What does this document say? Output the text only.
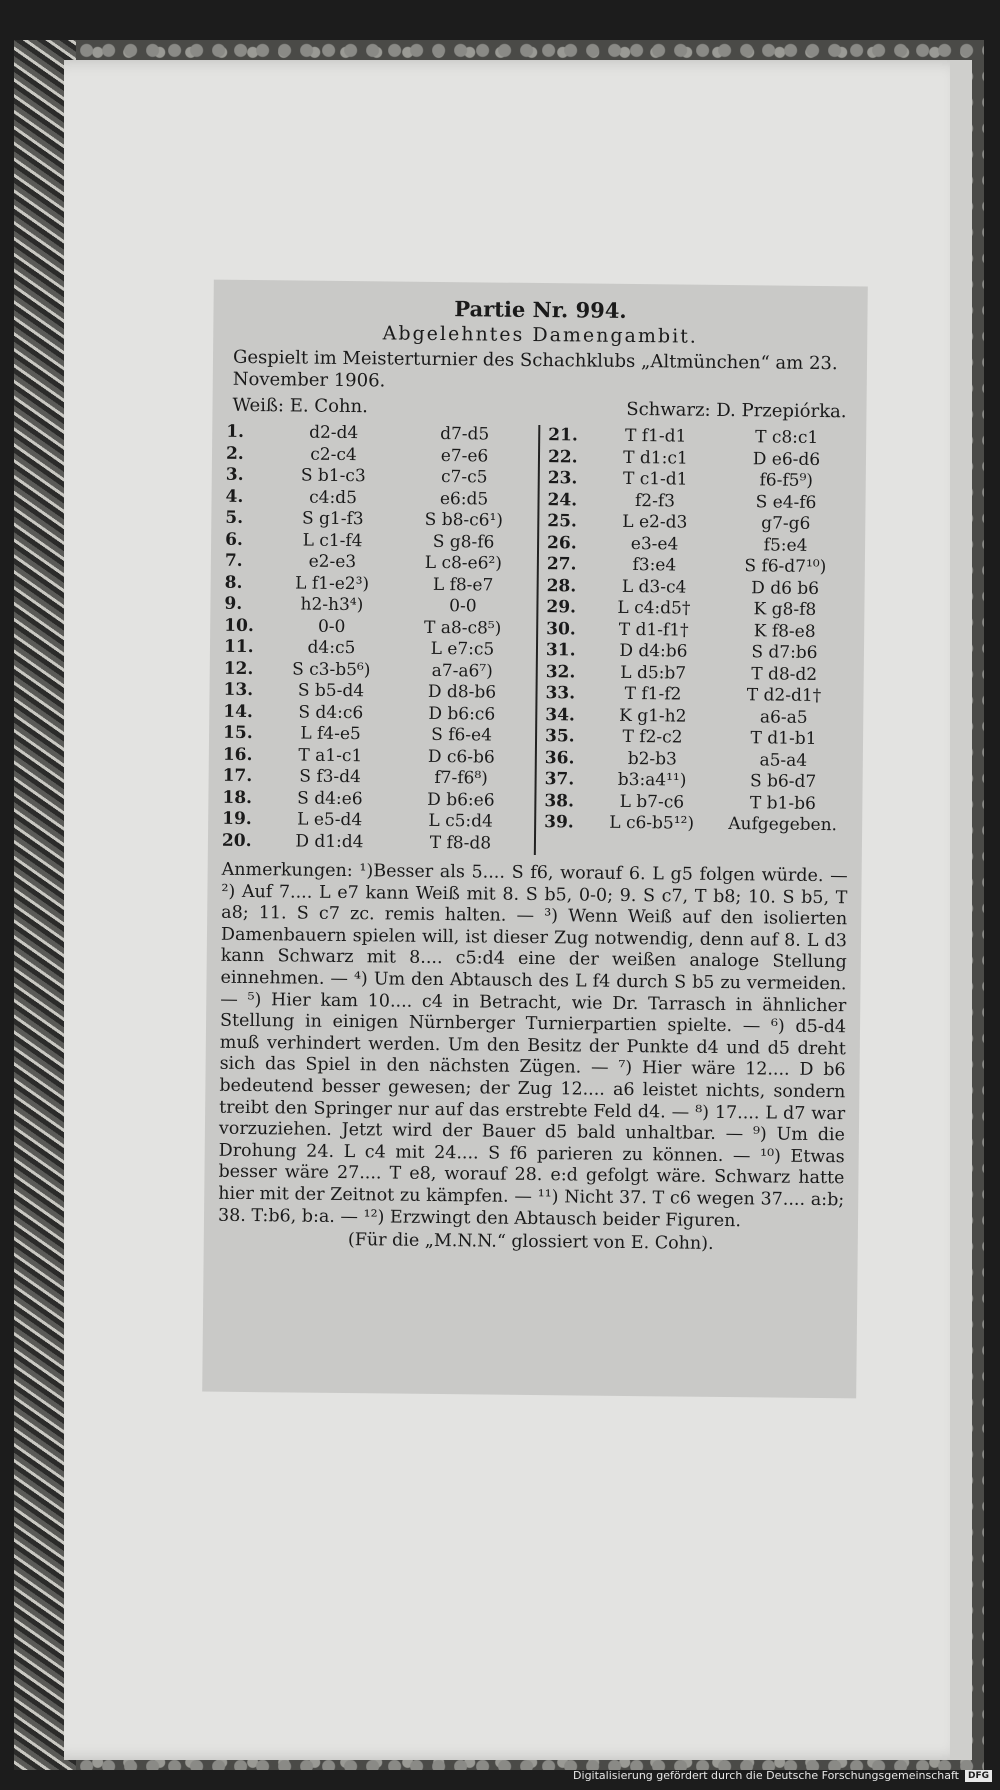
Partie Nr. 994.
Abgelehntes Damengambit.
Gespielt im Meisterturnier des Schachklubs „Altmünchen“ am 23. November 1906.
Weiß: E. Cohn.	Schwarz: D. Przepiórka.
1.	d2-d4	d7-d5
2.	c2-c4	e7-e6
3.	S b1-c3	c7-c5
4.	c4:d5	e6:d5
5.	S g1-f3	S b8-c6¹)
6.	L c1-f4	S g8-f6
7.	e2-e3	L c8-e6²)
8.	L f1-e2³)	L f8-e7
9.	h2-h3⁴)	0-0
10.	0-0	T a8-c8⁵)
11.	d4:c5	L e7:c5
12.	S c3-b5⁶)	a7-a6⁷)
13.	S b5-d4	D d8-b6
14.	S d4:c6	D b6:c6
15.	L f4-e5	S f6-e4
16.	T a1-c1	D c6-b6
17.	S f3-d4	f7-f6⁸)
18.	S d4:e6	D b6:e6
19.	L e5-d4	L c5:d4
20.	D d1:d4	T f8-d8
21.	T f1-d1	T c8:c1
22.	T d1:c1	D e6-d6
23.	T c1-d1	f6-f5⁹)
24.	f2-f3	S e4-f6
25.	L e2-d3	g7-g6
26.	e3-e4	f5:e4
27.	f3:e4	S f6-d7¹⁰)
28.	L d3-c4	D d6 b6
29.	L c4:d5†	K g8-f8
30.	T d1-f1†	K f8-e8
31.	D d4:b6	S d7:b6
32.	L d5:b7	T d8-d2
33.	T f1-f2	T d2-d1†
34.	K g1-h2	a6-a5
35.	T f2-c2	T d1-b1
36.	b2-b3	a5-a4
37.	b3:a4¹¹)	S b6-d7
38.	L b7-c6	T b1-b6
39.	L c6-b5¹²)	Aufgegeben.
Anmerkungen: ¹)Besser als 5.... S f6, worauf 6. L g5 folgen würde. — ²) Auf 7.... L e7 kann Weiß mit 8. S b5, 0-0; 9. S c7, T b8; 10. S b5, T a8; 11. S c7 zc. remis halten. — ³) Wenn Weiß auf den isolierten Damenbauern spielen will, ist dieser Zug notwendig, denn auf 8. L d3 kann Schwarz mit 8.... c5:d4 eine der weißen analoge Stellung einnehmen. — ⁴) Um den Abtausch des L f4 durch S b5 zu vermeiden. — ⁵) Hier kam 10.... c4 in Betracht, wie Dr. Tarrasch in ähnlicher Stellung in einigen Nürnberger Turnierpartien spielte. — ⁶) d5-d4 muß verhindert werden. Um den Besitz der Punkte d4 und d5 dreht sich das Spiel in den nächsten Zügen. — ⁷) Hier wäre 12.... D b6 bedeutend besser gewesen; der Zug 12.... a6 leistet nichts, sondern treibt den Springer nur auf das erstrebte Feld d4. — ⁸) 17.... L d7 war vorzuziehen. Jetzt wird der Bauer d5 bald unhaltbar. — ⁹) Um die Drohung 24. L c4 mit 24.... S f6 parieren zu können. — ¹⁰) Etwas besser wäre 27.... T e8, worauf 28. e:d gefolgt wäre. Schwarz hatte hier mit der Zeitnot zu kämpfen. — ¹¹) Nicht 37. T c6 wegen 37.... a:b; 38. T:b6, b:a. — ¹²) Erzwingt den Abtausch beider Figuren.
(Für die „M.N.N.“ glossiert von E. Cohn).
Digitalisierung gefördert durch die Deutsche Forschungsgemeinschaft	DFG
